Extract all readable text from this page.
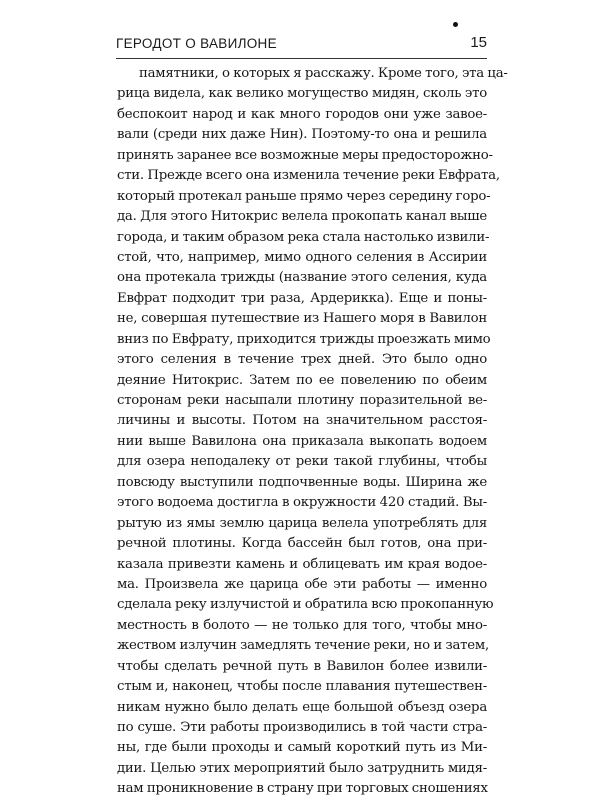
ГЕРОДОТ О ВАВИЛОНЕ	15
памятники, о которых я расскажу. Кроме того, эта ца-
рица видела, как велико могущество мидян, сколь это
беспокоит народ и как много городов они уже завое-
вали (среди них даже Нин). Поэтому-то она и решила
принять заранее все возможные меры предосторожно-
сти. Прежде всего она изменила течение реки Евфрата,
который протекал раньше прямо через середину горо-
да. Для этого Нитокрис велела прокопать канал выше
города, и таким образом река стала настолько извили-
стой, что, например, мимо одного селения в Ассирии
она протекала трижды (название этого селения, куда
Евфрат подходит три раза, Ардерикка). Еще и поны-
не, совершая путешествие из Нашего моря в Вавилон
вниз по Евфрату, приходится трижды проезжать мимо
этого селения в течение трех дней. Это было одно
деяние Нитокрис. Затем по ее повелению по обеим
сторонам реки насыпали плотину поразительной ве-
личины и высоты. Потом на значительном расстоя-
нии выше Вавилона она приказала выкопать водоем
для озера неподалеку от реки такой глубины, чтобы
повсюду выступили подпочвенные воды. Ширина же
этого водоема достигла в окружности 420 стадий. Вы-
рытую из ямы землю царица велела употреблять для
речной плотины. Когда бассейн был готов, она при-
казала привезти камень и облицевать им края водое-
ма. Произвела же царица обе эти работы — именно
сделала реку излучистой и обратила всю прокопанную
местность в болото — не только для того, чтобы мно-
жеством излучин замедлять течение реки, но и затем,
чтобы сделать речной путь в Вавилон более извили-
стым и, наконец, чтобы после плавания путешествен-
никам нужно было делать еще большой объезд озера
по суше. Эти работы производились в той части стра-
ны, где были проходы и самый короткий путь из Ми-
дии. Целью этих мероприятий было затруднить мидя-
нам проникновение в страну при торговых сношениях
